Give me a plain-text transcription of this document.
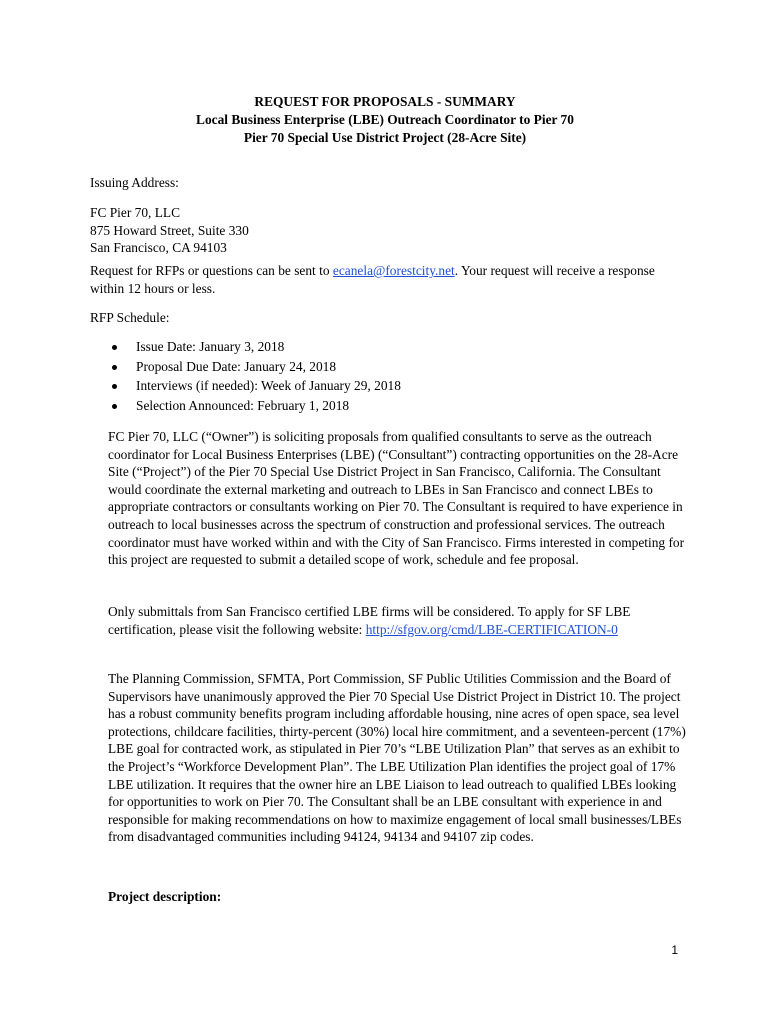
REQUEST FOR PROPOSALS - SUMMARY
Local Business Enterprise (LBE) Outreach Coordinator to Pier 70
Pier 70 Special Use District Project (28-Acre Site)

Issuing Address:

FC Pier 70, LLC
875 Howard Street, Suite 330
San Francisco, CA 94103

Request for RFPs or questions can be sent to ecanela@forestcity.net. Your request will receive a response within 12 hours or less.

RFP Schedule:

Issue Date: January 3, 2018
Proposal Due Date: January 24, 2018
Interviews (if needed): Week of January 29, 2018
Selection Announced: February 1, 2018

FC Pier 70, LLC (“Owner”) is soliciting proposals from qualified consultants to serve as the outreach coordinator for Local Business Enterprises (LBE) (“Consultant”) contracting opportunities on the 28-Acre Site (“Project”) of the Pier 70 Special Use District Project in San Francisco, California. The Consultant would coordinate the external marketing and outreach to LBEs in San Francisco and connect LBEs to appropriate contractors or consultants working on Pier 70. The Consultant is required to have experience in outreach to local businesses across the spectrum of construction and professional services. The outreach coordinator must have worked within and with the City of San Francisco. Firms interested in competing for this project are requested to submit a detailed scope of work, schedule and fee proposal.

Only submittals from San Francisco certified LBE firms will be considered. To apply for SF LBE certification, please visit the following website: http://sfgov.org/cmd/LBE-CERTIFICATION-0

The Planning Commission, SFMTA, Port Commission, SF Public Utilities Commission and the Board of Supervisors have unanimously approved the Pier 70 Special Use District Project in District 10. The project has a robust community benefits program including affordable housing, nine acres of open space, sea level protections, childcare facilities, thirty-percent (30%) local hire commitment, and a seventeen-percent (17%) LBE goal for contracted work, as stipulated in Pier 70’s “LBE Utilization Plan” that serves as an exhibit to the Project’s “Workforce Development Plan”. The LBE Utilization Plan identifies the project goal of 17% LBE utilization. It requires that the owner hire an LBE Liaison to lead outreach to qualified LBEs looking for opportunities to work on Pier 70. The Consultant shall be an LBE consultant with experience in and responsible for making recommendations on how to maximize engagement of local small businesses/LBEs from disadvantaged communities including 94124, 94134 and 94107 zip codes.

Project description:

1
